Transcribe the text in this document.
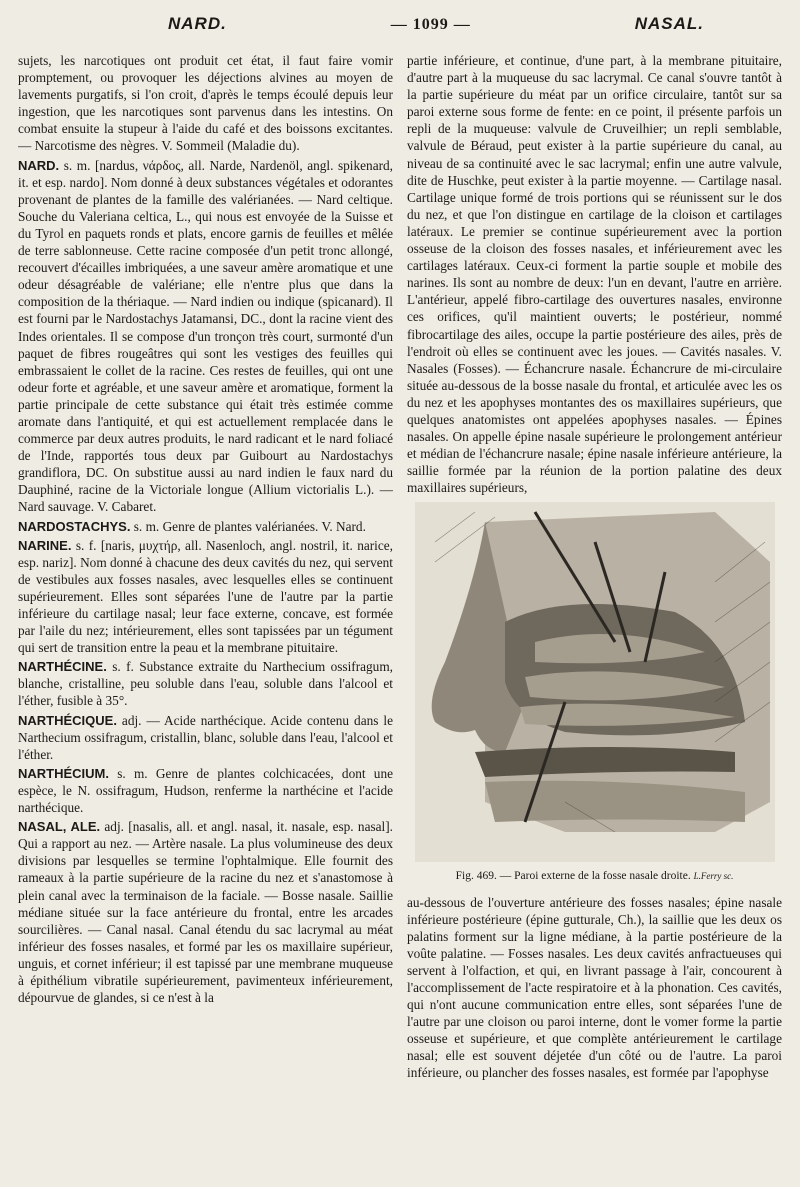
NARD.	— 1099 —	NASAL.

sujets, les narcotiques ont produit cet état, il faut faire vomir promptement, ou provoquer les déjections alvines au moyen de lavements purgatifs, si l'on croit, d'après le temps écoulé depuis leur ingestion, que les narcotiques sont parvenus dans les intestins. On combat ensuite la stupeur à l'aide du café et des boissons excitantes. — Narcotisme des nègres. V. Sommeil (Maladie du).

NARD. s. m. [nardus, νάρδος, all. Narde, Nardenöl, angl. spikenard, it. et esp. nardo]. Nom donné à deux substances végétales et odorantes provenant de plantes de la famille des valérianées. — Nard celtique. Souche du Valeriana celtica, L., qui nous est envoyée de la Suisse et du Tyrol en paquets ronds et plats, encore garnis de feuilles et mêlée de terre sablonneuse. Cette racine composée d'un petit tronc allongé, recouvert d'écailles imbriquées, a une saveur amère aromatique et une odeur désagréable de valériane; elle n'entre plus que dans la composition de la thériaque. — Nard indien ou indique (spicanard). Il est fourni par le Nardostachys Jatamansi, DC., dont la racine vient des Indes orientales. Il se compose d'un tronçon très court, surmonté d'un paquet de fibres rougeâtres qui sont les vestiges des feuilles qui embrassaient le collet de la racine. Ces restes de feuilles, qui ont une odeur forte et agréable, et une saveur amère et aromatique, forment la partie principale de cette substance qui était très estimée comme aromate dans l'antiquité, et qui est actuellement remplacée dans le commerce par deux autres produits, le nard radicant et le nard foliacé de l'Inde, rapportés tous deux par Guibourt au Nardostachys grandiflora, DC. On substitue aussi au nard indien le faux nard du Dauphiné, racine de la Victoriale longue (Allium victorialis L.). — Nard sauvage. V. Cabaret.

NARDOSTACHYS. s. m. Genre de plantes valérianées. V. Nard.

NARINE. s. f. [naris, μυχτήρ, all. Nasenloch, angl. nostril, it. narice, esp. nariz]. Nom donné à chacune des deux cavités du nez, qui servent de vestibules aux fosses nasales, avec lesquelles elles se continuent supérieurement. Elles sont séparées l'une de l'autre par la partie inférieure du cartilage nasal; leur face externe, concave, est formée par l'aile du nez; intérieurement, elles sont tapissées par un tégument qui sert de transition entre la peau et la membrane pituitaire.

NARTHÉCINE. s. f. Substance extraite du Narthecium ossifragum, blanche, cristalline, peu soluble dans l'eau, soluble dans l'alcool et l'éther, fusible à 35°.

NARTHÉCIQUE. adj. — Acide narthécique. Acide contenu dans le Narthecium ossifragum, cristallin, blanc, soluble dans l'eau, l'alcool et l'éther.

NARTHÉCIUM. s. m. Genre de plantes colchicacées, dont une espèce, le N. ossifragum, Hudson, renferme la narthécine et l'acide narthécique.

NASAL, ALE. adj. [nasalis, all. et angl. nasal, it. nasale, esp. nasal]. Qui a rapport au nez. — Artère nasale. La plus volumineuse des deux divisions par lesquelles se termine l'ophtalmique. Elle fournit des rameaux à la partie supérieure de la racine du nez et s'anastomose à plein canal avec la terminaison de la faciale. — Bosse nasale. Saillie médiane située sur la face antérieure du frontal, entre les arcades sourcilières. — Canal nasal. Canal étendu du sac lacrymal au méat inférieur des fosses nasales, et formé par les os maxillaire supérieur, unguis, et cornet inférieur; il est tapissé par une membrane muqueuse à épithélium vibratile supérieurement, pavimenteux inférieurement, dépourvue de glandes, si ce n'est à la

partie inférieure, et continue, d'une part, à la membrane pituitaire, d'autre part à la muqueuse du sac lacrymal. Ce canal s'ouvre tantôt à la partie supérieure du méat par un orifice circulaire, tantôt sur sa paroi externe sous forme de fente: en ce point, il présente parfois un repli de la muqueuse: valvule de Cruveilhier; un repli semblable, valvule de Béraud, peut exister à la partie supérieure du canal, au niveau de sa continuité avec le sac lacrymal; enfin une autre valvule, dite de Huschke, peut exister à la partie moyenne. — Cartilage nasal. Cartilage unique formé de trois portions qui se réunissent sur le dos du nez, et que l'on distingue en cartilage de la cloison et cartilages latéraux. Le premier se continue supérieurement avec la portion osseuse de la cloison des fosses nasales, et inférieurement avec les cartilages latéraux. Ceux-ci forment la partie souple et mobile des narines. Ils sont au nombre de deux: l'un en devant, l'autre en arrière. L'antérieur, appelé fibro-cartilage des ouvertures nasales, environne ces orifices, qu'il maintient ouverts; le postérieur, nommé fibrocartilage des ailes, occupe la partie postérieure des ailes, près de l'endroit où elles se continuent avec les joues. — Cavités nasales. V. Nasales (Fosses). — Échancrure nasale. Échancrure de mi-circulaire située au-dessous de la bosse nasale du frontal, et articulée avec les os du nez et les apophyses montantes des os maxillaires supérieurs, que quelques anatomistes ont appelées apophyses nasales. — Épines nasales. On appelle épine nasale supérieure le prolongement antérieur et médian de l'échancrure nasale; épine nasale inférieure antérieure, la saillie formée par la réunion de la portion palatine des deux maxillaires supérieurs,

Fig. 469. — Paroi externe de la fosse nasale droite. L.Ferry sc.

au-dessous de l'ouverture antérieure des fosses nasales; épine nasale inférieure postérieure (épine gutturale, Ch.), la saillie que les deux os palatins forment sur la ligne médiane, à la partie postérieure de la voûte palatine. — Fosses nasales. Les deux cavités anfractueuses qui servent à l'olfaction, et qui, en livrant passage à l'air, concourent à l'accomplissement de l'acte respiratoire et à la phonation. Ces cavités, qui n'ont aucune communication entre elles, sont séparées l'une de l'autre par une cloison ou paroi interne, dont le vomer forme la partie osseuse et supérieure, et que complète antérieurement le cartilage nasal; elle est souvent déjetée d'un côté ou de l'autre. La paroi inférieure, ou plancher des fosses nasales, est formée par l'apophyse
